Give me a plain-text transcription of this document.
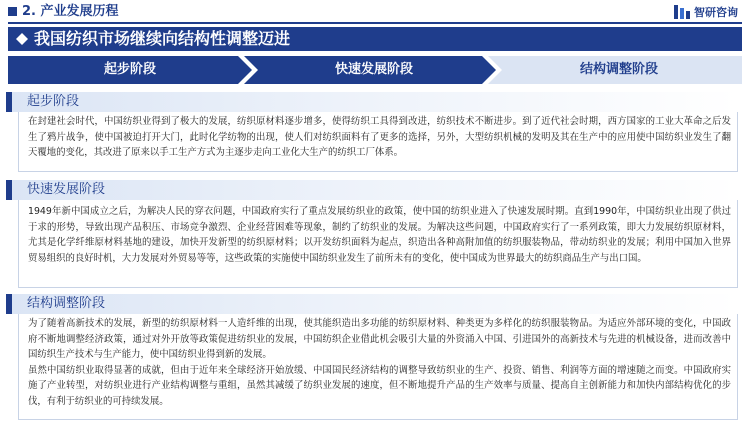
2. 产业发展历程	智研咨询
我国纺织市场继续向结构性调整迈进
起步阶段	快速发展阶段	结构调整阶段

在封建社会时代，中国纺织业得到了极大的发展，纺织原材料逐步增多，使得纺织工具得到改进，纺织技术不断进步。到了近代社会时期，西方国家的工业大革命之后发生了鸦片战争，使中国被迫打开大门，此时化学纺物的出现，使人们对纺织面料有了更多的选择，另外，大型纺织机械的发明及其在生产中的应用使中国纺织业发生了翻天覆地的变化，其改进了原来以手工生产方式为主逐步走向工业化大生产的纺织工厂体系。

起步阶段

1949年新中国成立之后，为解决人民的穿衣问题，中国政府实行了重点发展纺织业的政策，使中国的纺织业进入了快速发展时期。直到1990年，中国纺织业出现了供过于求的形势，导致出现产品积压、市场竞争激烈、企业经营困难等现象，制约了纺织业的发展。为解决这些问题，中国政府实行了一系列政策，即大力发展纺织原材料，尤其是化学纤维原材料基地的建设，加快开发新型的纺织原材料；以开发纺织面料为起点，织造出各种高附加值的纺织服装物品，带动纺织业的发展；利用中国加入世界贸易组织的良好时机，大力发展对外贸易等等，这些政策的实施使中国纺织业发生了前所未有的变化，使中国成为世界最大的纺织商品生产与出口国。

快速发展阶段

为了随着高新技术的发展，新型的纺织原材料一人造纤维的出现，使其能织造出多功能的纺织原材料、种类更为多样化的纺织服装物品。为适应外部环境的变化，中国政府不断地调整经济政策，通过对外开放等政策促进纺织业的发展，中国纺织企业借此机会吸引大量的外资涌入中国、引进国外的高新技术与先进的机械设备，进而改善中国纺织生产技术与生产能力，使中国纺织业得到新的发展。

虽然中国纺织业取得显著的成就，但由于近年来全球经济开始放缓、中国国民经济结构的调整导致纺织业的生产、投资、销售、利润等方面的增速随之而变。中国政府实施了产业转型，对纺织业进行产业结构调整与重组，虽然其减缓了纺织业发展的速度，但不断地提升产品的生产效率与质量、提高自主创新能力和加快内部结构优化的步伐，有利于纺织业的可持续发展。

结构调整阶段
